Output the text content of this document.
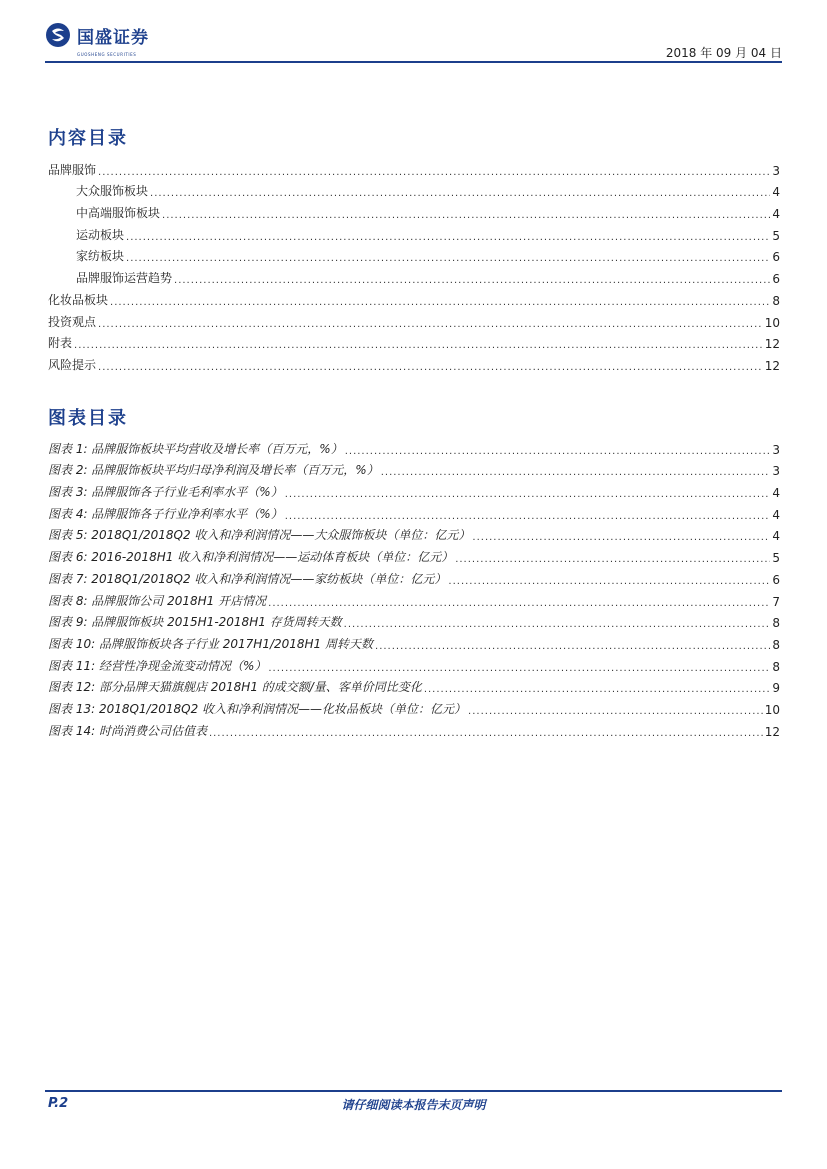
国盛证券
GUOSHENG SECURITIES	2018 年 09 月 04 日
内容目录
品牌服饰 .....	3
大众服饰板块 .....	4
中高端服饰板块 .....	4
运动板块 .....	5
家纺板块 .....	6
品牌服饰运营趋势 .....	6
化妆品板块 .....	8
投资观点 .....	10
附表 .....	12
风险提示 .....	12
图表目录
图表 1: 品牌服饰板块平均营收及增长率（百万元，%） .....	3
图表 2: 品牌服饰板块平均归母净利润及增长率（百万元，%） .....	3
图表 3: 品牌服饰各子行业毛利率水平（%） .....	4
图表 4: 品牌服饰各子行业净利率水平（%） .....	4
图表 5: 2018Q1/2018Q2 收入和净利润情况——大众服饰板块（单位：亿元） .....	4
图表 6: 2016-2018H1 收入和净利润情况——运动体育板块（单位：亿元） .....	5
图表 7: 2018Q1/2018Q2 收入和净利润情况——家纺板块（单位：亿元） .....	6
图表 8: 品牌服饰公司 2018H1 开店情况 .....	7
图表 9: 品牌服饰板块 2015H1-2018H1 存货周转天数 .....	8
图表 10: 品牌服饰板块各子行业 2017H1/2018H1 周转天数 .....	8
图表 11: 经营性净现金流变动情况（%） .....	8
图表 12: 部分品牌天猫旗舰店 2018H1 的成交额/量、客单价同比变化 .....	9
图表 13: 2018Q1/2018Q2 收入和净利润情况——化妆品板块（单位：亿元） .....	10
图表 14: 时尚消费公司估值表 .....	12
请仔细阅读本报告末页声明
P.2
